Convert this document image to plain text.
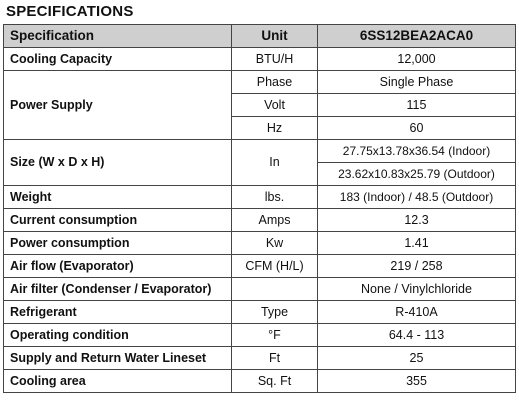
SPECIFICATIONS
Specification	Unit	6SS12BEA2ACA0
Cooling Capacity	BTU/H	12,000
Power Supply	Phase	Single Phase
	Volt	115
	Hz	60
Size (W x D x H)	In	27.75x13.78x36.54 (Indoor)
		23.62x10.83x25.79 (Outdoor)
Weight	lbs.	183 (Indoor) / 48.5 (Outdoor)
Current consumption	Amps	12.3
Power consumption	Kw	1.41
Air flow (Evaporator)	CFM (H/L)	219 / 258
Air filter (Condenser / Evaporator)		None / Vinylchloride
Refrigerant	Type	R-410A
Operating condition	°F	64.4 - 113
Supply and Return Water Lineset	Ft	25
Cooling area	Sq. Ft	355
